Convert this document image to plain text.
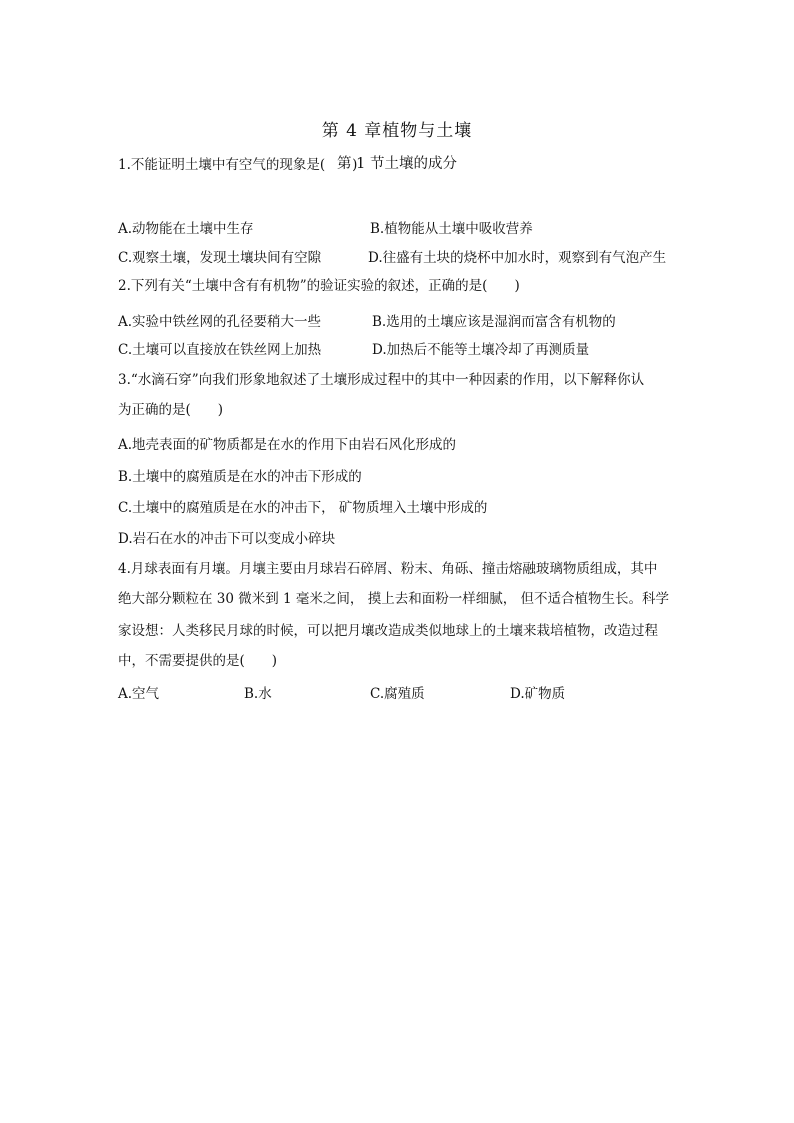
第 4 章植物与土壤
第 1 节土壤的成分
1.不能证明土壤中有空气的现象是(　　)
A.动物能在土壤中生存	B.植物能从土壤中吸收营养
C.观察土壤，发现土壤块间有空隙	D.往盛有土块的烧杯中加水时，观察到有气泡产生
2.下列有关“土壤中含有有机物”的验证实验的叙述，正确的是(　　)
A.实验中铁丝网的孔径要稍大一些	B.选用的土壤应该是湿润而富含有机物的
C.土壤可以直接放在铁丝网上加热	D.加热后不能等土壤冷却了再测质量
3.“水滴石穿”向我们形象地叙述了土壤形成过程中的其中一种因素的作用，以下解释你认
为正确的是(　　)
A.地壳表面的矿物质都是在水的作用下由岩石风化形成的
B.土壤中的腐殖质是在水的冲击下形成的
C.土壤中的腐殖质是在水的冲击下， 矿物质埋入土壤中形成的
D.岩石在水的冲击下可以变成小碎块
4.月球表面有月壤。月壤主要由月球岩石碎屑、粉末、角砾、撞击熔融玻璃物质组成，其中
绝大部分颗粒在 30 微米到 1 毫米之间， 摸上去和面粉一样细腻， 但不适合植物生长。科学
家设想：人类移民月球的时候，可以把月壤改造成类似地球上的土壤来栽培植物，改造过程
中，不需要提供的是(　　)
A.空气	B.水	C.腐殖质	D.矿物质
